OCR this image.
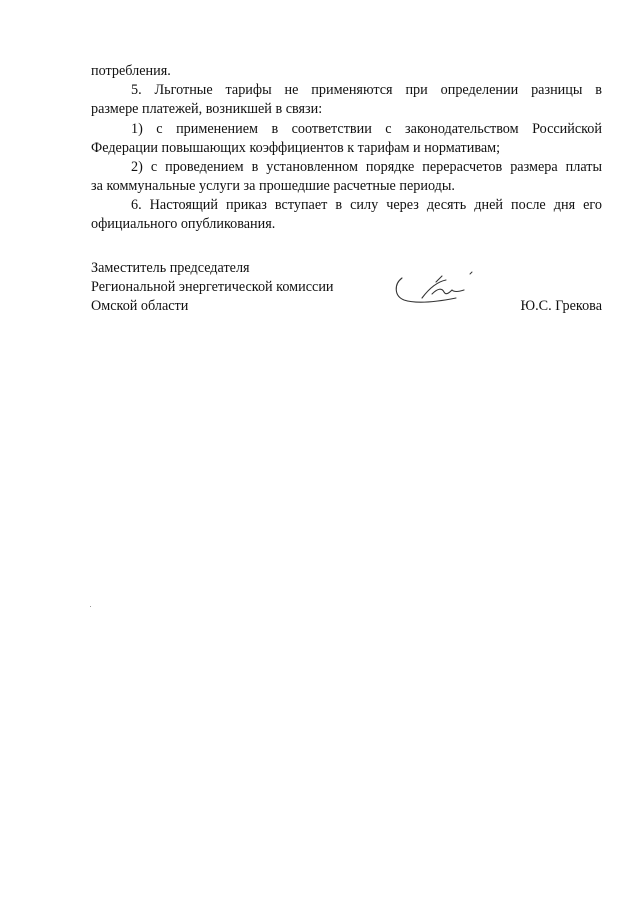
потребления.
5. Льготные тарифы не применяются при определении разницы в
размере платежей, возникшей в связи:
1) с применением в соответствии с законодательством Российской
Федерации повышающих коэффициентов к тарифам и нормативам;
2) с проведением в установленном порядке перерасчетов размера платы
за коммунальные услуги за прошедшие расчетные периоды.
6. Настоящий приказ вступает в силу через десять дней после дня его
официального опубликования.
Заместитель председателя
Региональной энергетической комиссии
Омской области	Ю.С. Грекова
